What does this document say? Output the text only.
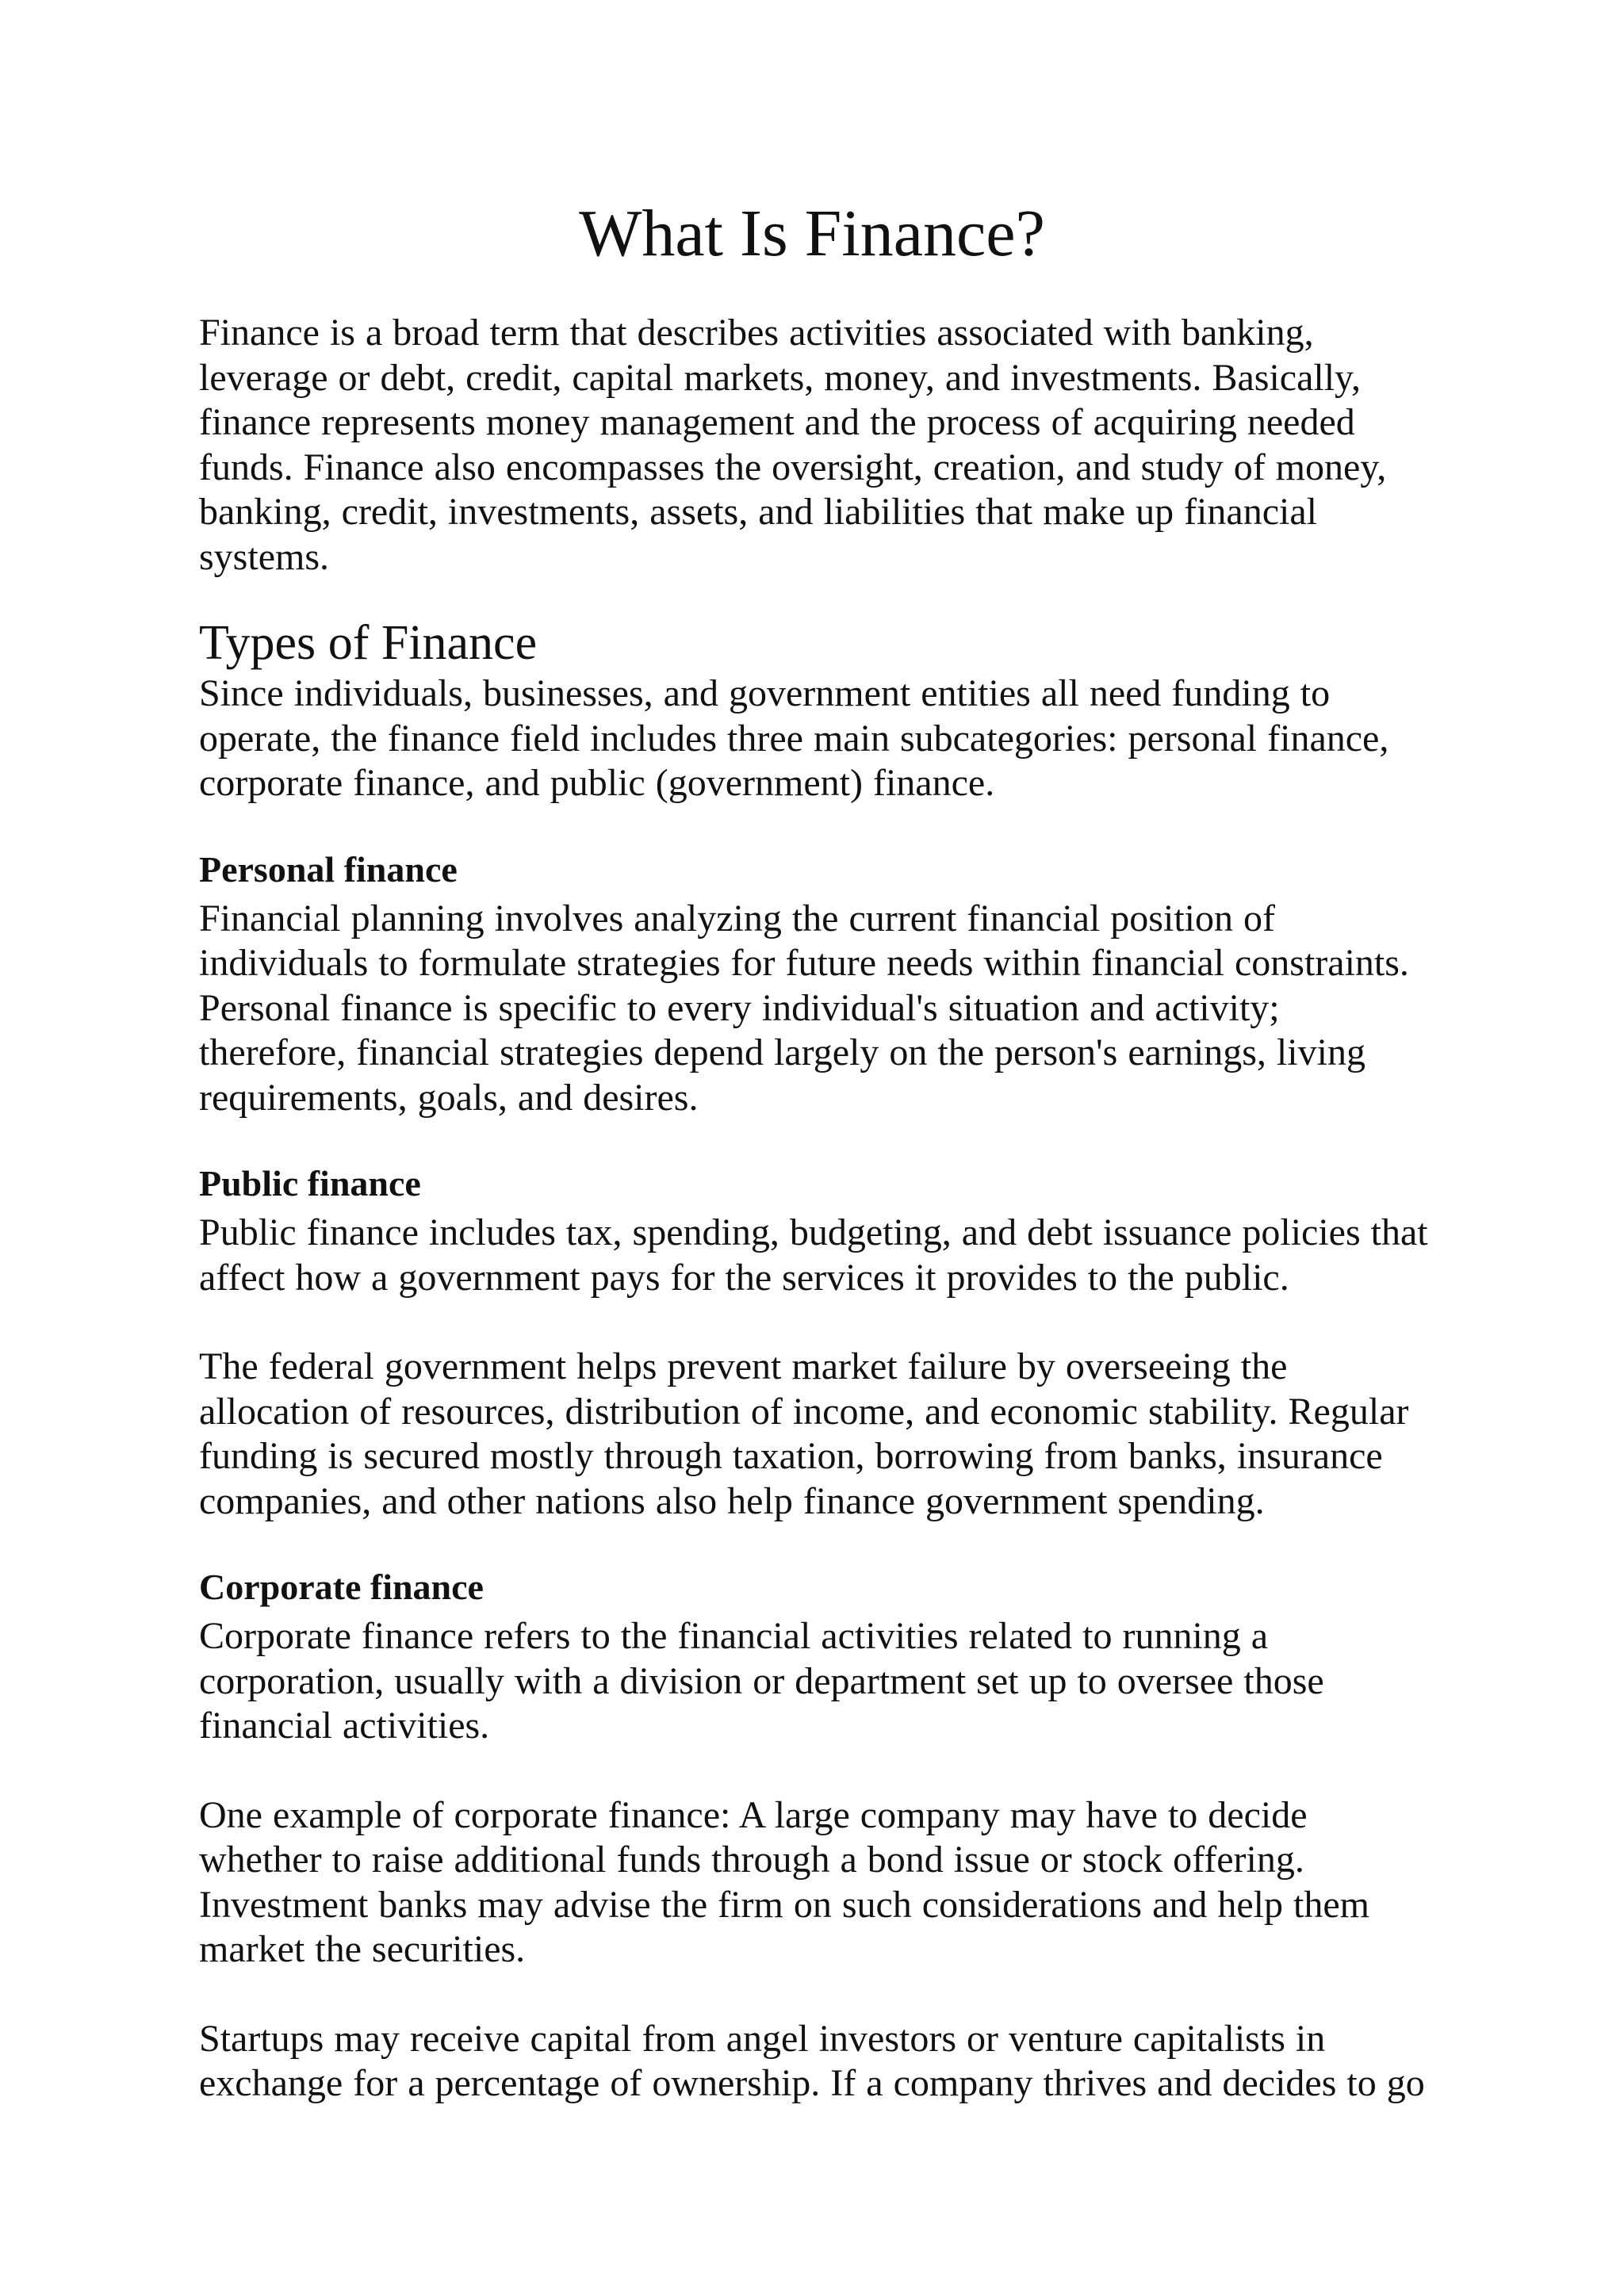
What Is Finance?

Finance is a broad term that describes activities associated with banking,
leverage or debt, credit, capital markets, money, and investments. Basically,
finance represents money management and the process of acquiring needed
funds. Finance also encompasses the oversight, creation, and study of money,
banking, credit, investments, assets, and liabilities that make up financial
systems.

Types of Finance

Since individuals, businesses, and government entities all need funding to
operate, the finance field includes three main subcategories: personal finance,
corporate finance, and public (government) finance.

Personal finance

Financial planning involves analyzing the current financial position of
individuals to formulate strategies for future needs within financial constraints.
Personal finance is specific to every individual's situation and activity;
therefore, financial strategies depend largely on the person's earnings, living
requirements, goals, and desires.

Public finance

Public finance includes tax, spending, budgeting, and debt issuance policies that
affect how a government pays for the services it provides to the public.

The federal government helps prevent market failure by overseeing the
allocation of resources, distribution of income, and economic stability. Regular
funding is secured mostly through taxation, borrowing from banks, insurance
companies, and other nations also help finance government spending.

Corporate finance

Corporate finance refers to the financial activities related to running a
corporation, usually with a division or department set up to oversee those
financial activities.

One example of corporate finance: A large company may have to decide
whether to raise additional funds through a bond issue or stock offering.
Investment banks may advise the firm on such considerations and help them
market the securities.

Startups may receive capital from angel investors or venture capitalists in
exchange for a percentage of ownership. If a company thrives and decides to go
